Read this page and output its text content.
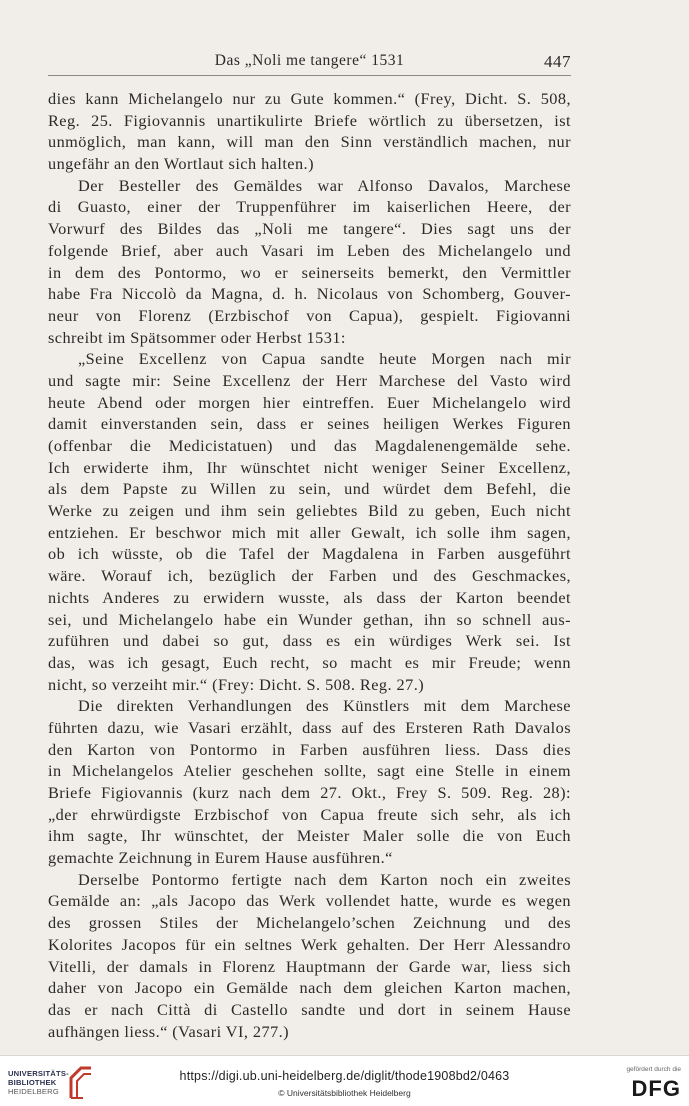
Das „Noli me tangere“ 1531	447
dies kann Michelangelo nur zu Gute kommen.“ (Frey, Dicht. S. 508,
Reg. 25. Figiovannis unartikulirte Briefe wörtlich zu übersetzen, ist
unmöglich, man kann, will man den Sinn verständlich machen, nur
ungefähr an den Wortlaut sich halten.)
Der Besteller des Gemäldes war Alfonso Davalos, Marchese
di Guasto, einer der Truppenführer im kaiserlichen Heere, der
Vorwurf des Bildes das „Noli me tangere“. Dies sagt uns der
folgende Brief, aber auch Vasari im Leben des Michelangelo und
in dem des Pontormo, wo er seinerseits bemerkt, den Vermittler
habe Fra Niccolò da Magna, d. h. Nicolaus von Schomberg, Gouver-
neur von Florenz (Erzbischof von Capua), gespielt. Figiovanni
schreibt im Spätsommer oder Herbst 1531:
„Seine Excellenz von Capua sandte heute Morgen nach mir
und sagte mir: Seine Excellenz der Herr Marchese del Vasto wird
heute Abend oder morgen hier eintreffen. Euer Michelangelo wird
damit einverstanden sein, dass er seines heiligen Werkes Figuren
(offenbar die Medicistatuen) und das Magdalenengemälde sehe.
Ich erwiderte ihm, Ihr wünschtet nicht weniger Seiner Excellenz,
als dem Papste zu Willen zu sein, und würdet dem Befehl, die
Werke zu zeigen und ihm sein geliebtes Bild zu geben, Euch nicht
entziehen. Er beschwor mich mit aller Gewalt, ich solle ihm sagen,
ob ich wüsste, ob die Tafel der Magdalena in Farben ausgeführt
wäre. Worauf ich, bezüglich der Farben und des Geschmackes,
nichts Anderes zu erwidern wusste, als dass der Karton beendet
sei, und Michelangelo habe ein Wunder gethan, ihn so schnell aus-
zuführen und dabei so gut, dass es ein würdiges Werk sei. Ist
das, was ich gesagt, Euch recht, so macht es mir Freude; wenn
nicht, so verzeiht mir.“ (Frey: Dicht. S. 508. Reg. 27.)
Die direkten Verhandlungen des Künstlers mit dem Marchese
führten dazu, wie Vasari erzählt, dass auf des Ersteren Rath Davalos
den Karton von Pontormo in Farben ausführen liess. Dass dies
in Michelangelos Atelier geschehen sollte, sagt eine Stelle in einem
Briefe Figiovannis (kurz nach dem 27. Okt., Frey S. 509. Reg. 28):
„der ehrwürdigste Erzbischof von Capua freute sich sehr, als ich
ihm sagte, Ihr wünschtet, der Meister Maler solle die von Euch
gemachte Zeichnung in Eurem Hause ausführen.“
Derselbe Pontormo fertigte nach dem Karton noch ein zweites
Gemälde an: „als Jacopo das Werk vollendet hatte, wurde es wegen
des grossen Stiles der Michelangelo’schen Zeichnung und des
Kolorites Jacopos für ein seltnes Werk gehalten. Der Herr Alessandro
Vitelli, der damals in Florenz Hauptmann der Garde war, liess sich
daher von Jacopo ein Gemälde nach dem gleichen Karton machen,
das er nach Città di Castello sandte und dort in seinem Hause
aufhängen liess.“ (Vasari VI, 277.)
UNIVERSITÄTS-
BIBLIOTHEK
HEIDELBERG
https://digi.ub.uni-heidelberg.de/diglit/thode1908bd2/0463
© Universitätsbibliothek Heidelberg
gefördert durch die
DFG
